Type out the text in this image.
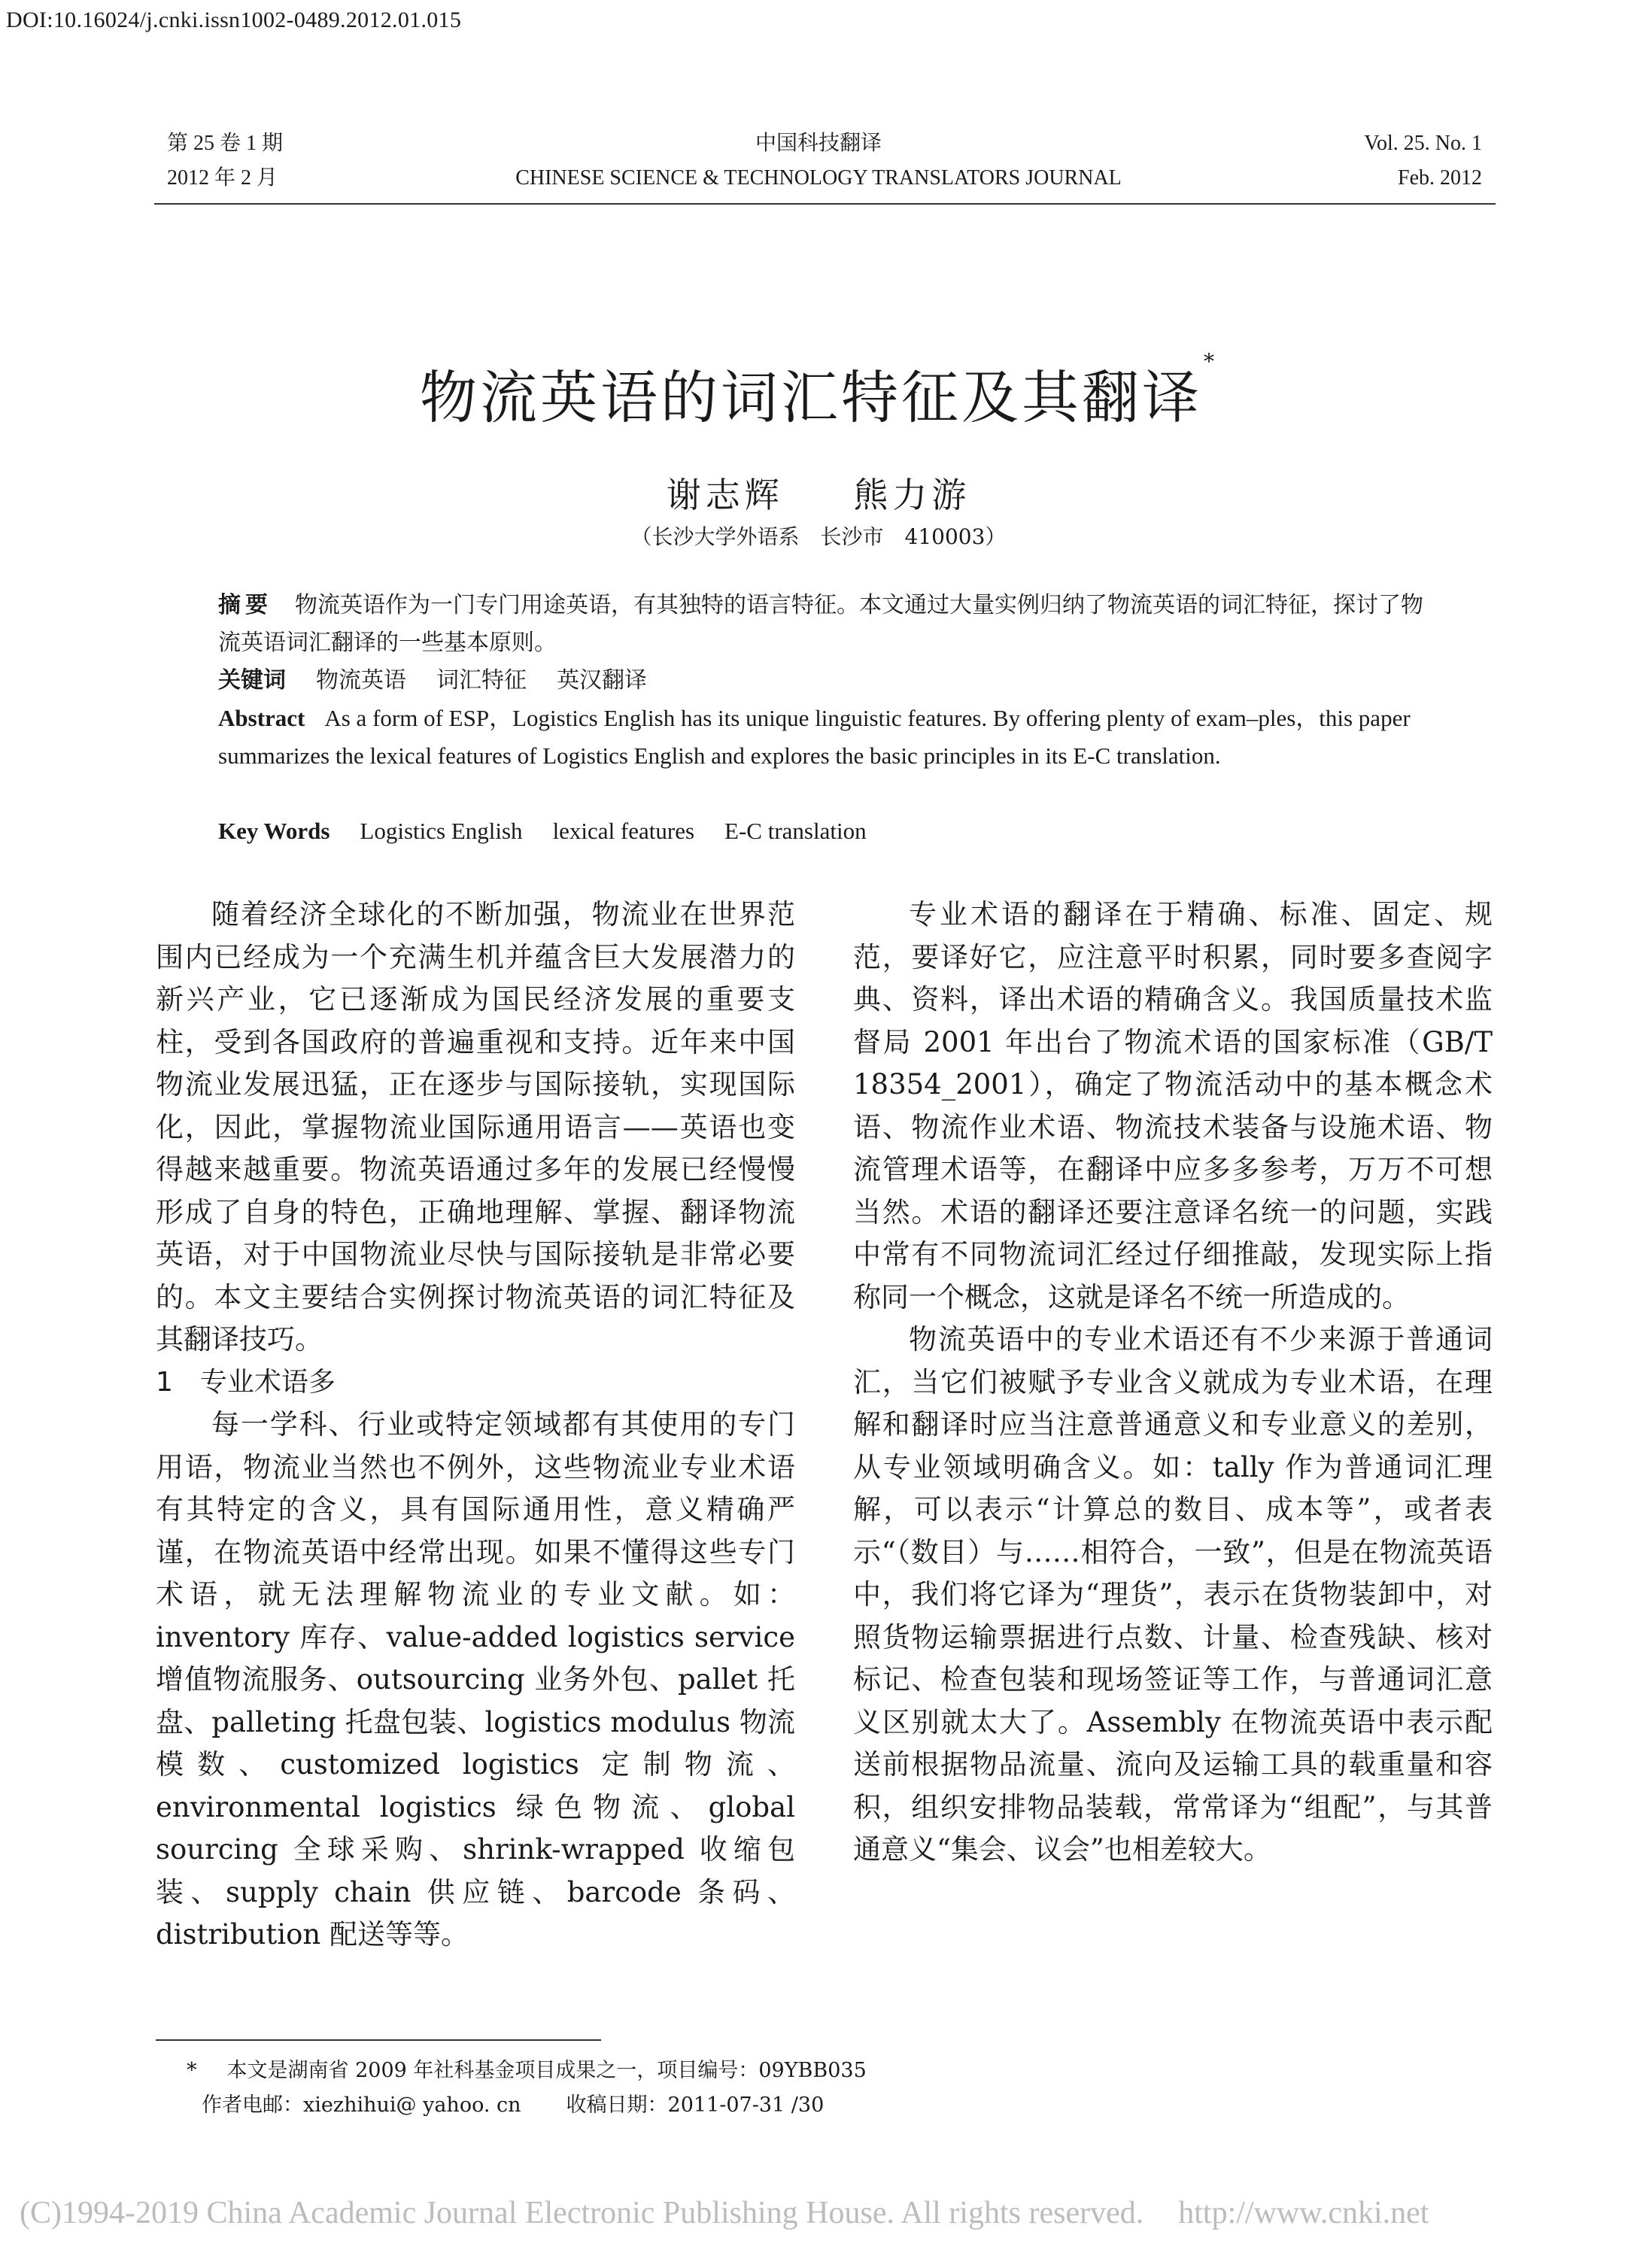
DOI:10.16024/j.cnki.issn1002-0489.2012.01.015
第 25 卷 1 期
2012 年 2 月
中国科技翻译
CHINESE SCIENCE & TECHNOLOGY TRANSLATORS JOURNAL
Vol. 25. No. 1
Feb. 2012
物流英语的词汇特征及其翻译*
谢志辉 熊力游
（长沙大学外语系　长沙市　410003）
摘要 物流英语作为一门专门用途英语，有其独特的语言特征。本文通过大量实例归纳了物流英语的词汇特征，探讨了物流英语词汇翻译的一些基本原则。
关键词 物流英语 词汇特征 英汉翻译
Abstract As a form of ESP，Logistics English has its unique linguistic features. By offering plenty of exam–ples，this paper summarizes the lexical features of Logistics English and explores the basic principles in its E-C translation.
Key Words Logistics English lexical features E-C translation

随着经济全球化的不断加强，物流业在世界范围内已经成为一个充满生机并蕴含巨大发展潜力的新兴产业，它已逐渐成为国民经济发展的重要支柱，受到各国政府的普遍重视和支持。近年来中国物流业发展迅猛，正在逐步与国际接轨，实现国际化，因此，掌握物流业国际通用语言——英语也变得越来越重要。物流英语通过多年的发展已经慢慢形成了自身的特色，正确地理解、掌握、翻译物流英语，对于中国物流业尽快与国际接轨是非常必要的。本文主要结合实例探讨物流英语的词汇特征及其翻译技巧。

1 专业术语多

每一学科、行业或特定领域都有其使用的专门用语，物流业当然也不例外，这些物流业专业术语有其特定的含义，具有国际通用性，意义精确严谨，在物流英语中经常出现。如果不懂得这些专门术语，就无法理解物流业的专业文献。如：inventory 库存、value-added logistics service 增值物流服务、outsourcing 业务外包、pallet 托盘、palleting 托盘包装、logistics modulus 物流模数、customized logistics 定制物流、environmental logistics 绿色物流、global sourcing 全球采购、shrink-wrapped 收缩包装、supply chain 供应链、barcode 条码、distribution 配送等等。

专业术语的翻译在于精确、标准、固定、规范，要译好它，应注意平时积累，同时要多查阅字典、资料，译出术语的精确含义。我国质量技术监督局 2001 年出台了物流术语的国家标准（GB/T 18354_2001），确定了物流活动中的基本概念术语、物流作业术语、物流技术装备与设施术语、物流管理术语等，在翻译中应多多参考，万万不可想当然。术语的翻译还要注意译名统一的问题，实践中常有不同物流词汇经过仔细推敲，发现实际上指称同一个概念，这就是译名不统一所造成的。

物流英语中的专业术语还有不少来源于普通词汇，当它们被赋予专业含义就成为专业术语，在理解和翻译时应当注意普通意义和专业意义的差别，从专业领域明确含义。如：tally 作为普通词汇理解，可以表示“计算总的数目、成本等”，或者表示“（数目）与……相符合，一致”，但是在物流英语中，我们将它译为“理货”，表示在货物装卸中，对照货物运输票据进行点数、计量、检查残缺、核对标记、检查包装和现场签证等工作，与普通词汇意义区别就太大了。Assembly 在物流英语中表示配送前根据物品流量、流向及运输工具的载重量和容积，组织安排物品装载，常常译为“组配”，与其普通意义“集会、议会”也相差较大。

* 本文是湖南省 2009 年社科基金项目成果之一，项目编号：09YBB035
作者电邮：xiezhihui@ yahoo. cn 收稿日期：2011-07-31 /30
(C)1994-2019 China Academic Journal Electronic Publishing House. All rights reserved. http://www.cnki.net
